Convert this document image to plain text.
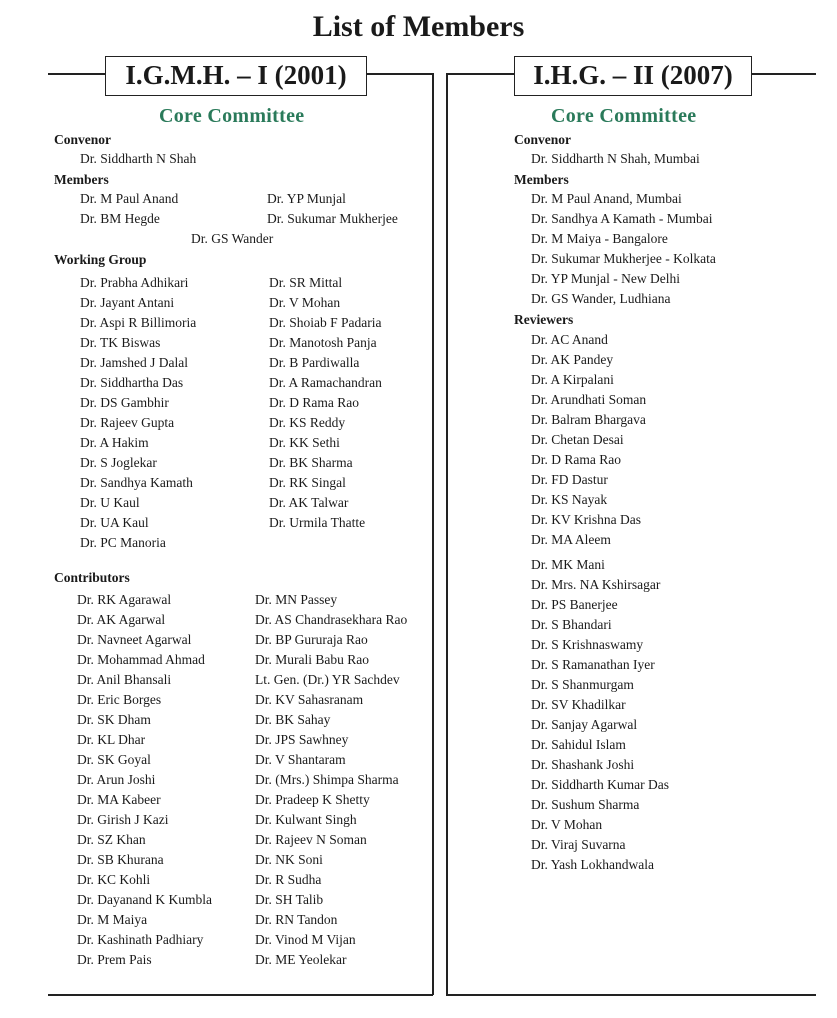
List of Members
I.G.M.H. – I (2001)	I.H.G. – II (2007)
Core Committee
Convenor
Dr. Siddharth N Shah
Members
Dr. M Paul Anand
Dr. BM Hegde
Dr. YP Munjal
Dr. Sukumar Mukherjee
Dr. GS Wander
Working Group
Dr. Prabha Adhikari
Dr. Jayant Antani
Dr. Aspi R Billimoria
Dr. TK Biswas
Dr. Jamshed J Dalal
Dr. Siddhartha Das
Dr. DS Gambhir
Dr. Rajeev Gupta
Dr. A Hakim
Dr. S Joglekar
Dr. Sandhya Kamath
Dr. U Kaul
Dr. UA Kaul
Dr. PC Manoria
Dr. SR Mittal
Dr. V Mohan
Dr. Shoiab F Padaria
Dr. Manotosh Panja
Dr. B Pardiwalla
Dr. A Ramachandran
Dr. D Rama Rao
Dr. KS Reddy
Dr. KK Sethi
Dr. BK Sharma
Dr. RK Singal
Dr. AK Talwar
Dr. Urmila Thatte
Contributors
Dr. RK Agarawal
Dr. AK Agarwal
Dr. Navneet Agarwal
Dr. Mohammad Ahmad
Dr. Anil Bhansali
Dr. Eric Borges
Dr. SK Dham
Dr. KL Dhar
Dr. SK Goyal
Dr. Arun Joshi
Dr. MA Kabeer
Dr. Girish J Kazi
Dr. SZ Khan
Dr. SB Khurana
Dr. KC Kohli
Dr. Dayanand K Kumbla
Dr. M Maiya
Dr. Kashinath Padhiary
Dr. Prem Pais
Dr. MN Passey
Dr. AS Chandrasekhara Rao
Dr. BP Gururaja Rao
Dr. Murali Babu Rao
Lt. Gen. (Dr.) YR Sachdev
Dr. KV Sahasranam
Dr. BK Sahay
Dr. JPS Sawhney
Dr. V Shantaram
Dr. (Mrs.) Shimpa Sharma
Dr. Pradeep K Shetty
Dr. Kulwant Singh
Dr. Rajeev N Soman
Dr. NK Soni
Dr. R Sudha
Dr. SH Talib
Dr. RN Tandon
Dr. Vinod M Vijan
Dr. ME Yeolekar
Core Committee
Convenor
Dr. Siddharth N Shah, Mumbai
Members
Dr. M Paul Anand, Mumbai
Dr. Sandhya A Kamath - Mumbai
Dr. M Maiya - Bangalore
Dr. Sukumar Mukherjee - Kolkata
Dr. YP Munjal - New Delhi
Dr. GS Wander, Ludhiana
Reviewers
Dr. AC Anand
Dr. AK Pandey
Dr. A Kirpalani
Dr. Arundhati Soman
Dr. Balram Bhargava
Dr. Chetan Desai
Dr. D Rama Rao
Dr. FD Dastur
Dr. KS Nayak
Dr. KV Krishna Das
Dr. MA Aleem
Dr. MK Mani
Dr. Mrs. NA Kshirsagar
Dr. PS Banerjee
Dr. S Bhandari
Dr. S Krishnaswamy
Dr. S Ramanathan Iyer
Dr. S Shanmurgam
Dr. SV Khadilkar
Dr. Sanjay Agarwal
Dr. Sahidul Islam
Dr. Shashank Joshi
Dr. Siddharth Kumar Das
Dr. Sushum Sharma
Dr. V Mohan
Dr. Viraj Suvarna
Dr. Yash Lokhandwala
